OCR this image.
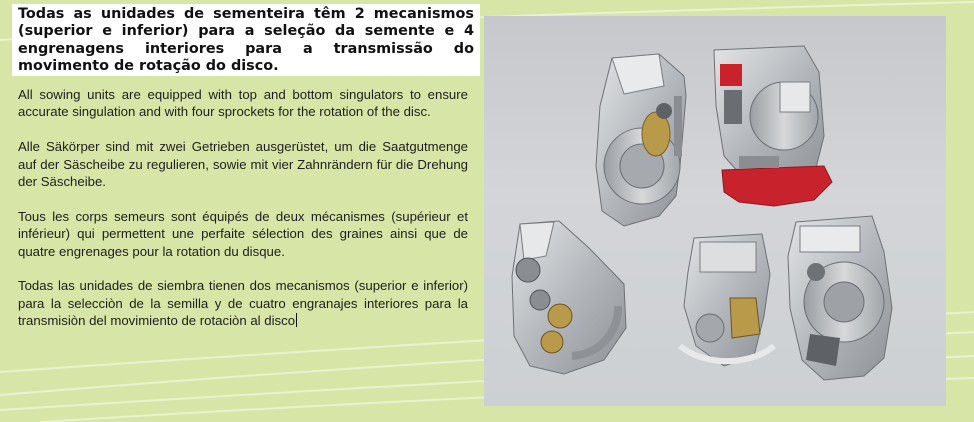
Todas as unidades de sementeira têm 2 mecanismos (superior e inferior) para a seleção da semente e 4 engrenagens interiores para a transmissão do movimento de rotação do disco.

All sowing units are equipped with top and bottom singulators to ensure accurate singulation and with four sprockets for the rotation of the disc.

Alle Säkörper sind mit zwei Getrieben ausgerüstet, um die Saatgutmenge auf der Säscheibe zu regulieren, sowie mit vier Zahnrändern für die Drehung der Säscheibe.

Tous les corps semeurs sont équipés de deux mécanismes (supérieur et inférieur) qui permettent une perfaite sélection des graines ainsi que de quatre engrenages pour la rotation du disque.

Todas las unidades de siembra tienen dos mecanismos (superior e inferior) para la selecciòn de la semilla y de cuatro engranajes interiores para la transmisiòn del movimiento de rotaciòn al disco
